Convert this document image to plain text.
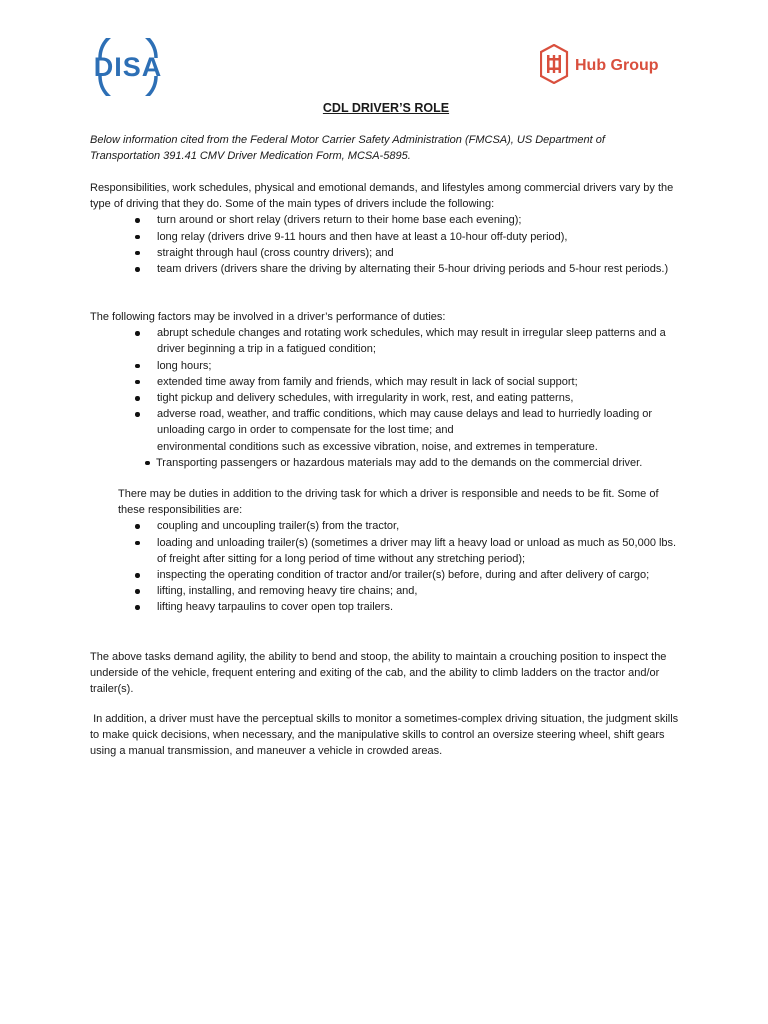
DISA	Hub Group

CDL DRIVER’S ROLE

Below information cited from the Federal Motor Carrier Safety Administration (FMCSA), US Department of Transportation 391.41 CMV Driver Medication Form, MCSA-5895.

Responsibilities, work schedules, physical and emotional demands, and lifestyles among commercial drivers vary by the type of driving that they do. Some of the main types of drivers include the following:

turn around or short relay (drivers return to their home base each evening);
long relay (drivers drive 9-11 hours and then have at least a 10-hour off-duty period),
straight through haul (cross country drivers); and
team drivers (drivers share the driving by alternating their 5-hour driving periods and 5-hour rest periods.)

The following factors may be involved in a driver’s performance of duties:

abrupt schedule changes and rotating work schedules, which may result in irregular sleep patterns and a driver beginning a trip in a fatigued condition;
long hours;
extended time away from family and friends, which may result in lack of social support;
tight pickup and delivery schedules, with irregularity in work, rest, and eating patterns,
adverse road, weather, and traffic conditions, which may cause delays and lead to hurriedly loading or unloading cargo in order to compensate for the lost time; and
environmental conditions such as excessive vibration, noise, and extremes in temperature.
Transporting passengers or hazardous materials may add to the demands on the commercial driver.

There may be duties in addition to the driving task for which a driver is responsible and needs to be fit. Some of these responsibilities are:

coupling and uncoupling trailer(s) from the tractor,
loading and unloading trailer(s) (sometimes a driver may lift a heavy load or unload as much as 50,000 lbs. of freight after sitting for a long period of time without any stretching period);
inspecting the operating condition of tractor and/or trailer(s) before, during and after delivery of cargo;
lifting, installing, and removing heavy tire chains; and,
lifting heavy tarpaulins to cover open top trailers.

The above tasks demand agility, the ability to bend and stoop, the ability to maintain a crouching position to inspect the underside of the vehicle, frequent entering and exiting of the cab, and the ability to climb ladders on the tractor and/or trailer(s).

In addition, a driver must have the perceptual skills to monitor a sometimes-complex driving situation, the judgment skills to make quick decisions, when necessary, and the manipulative skills to control an oversize steering wheel, shift gears using a manual transmission, and maneuver a vehicle in crowded areas.
